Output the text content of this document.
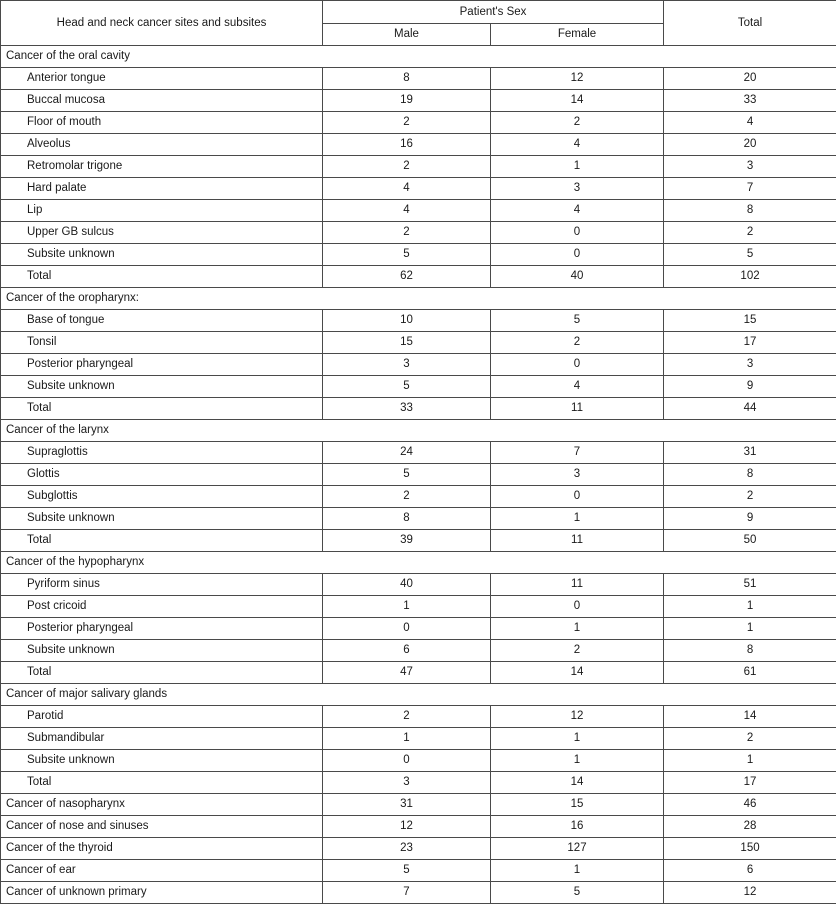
Head and neck cancer sites and subsites	Patient's Sex		Total
	Male	Female	
Cancer of the oral cavity			
Anterior tongue	8	12	20
Buccal mucosa	19	14	33
Floor of mouth	2	2	4
Alveolus	16	4	20
Retromolar trigone	2	1	3
Hard palate	4	3	7
Lip	4	4	8
Upper GB sulcus	2	0	2
Subsite unknown	5	0	5
Total	62	40	102
Cancer of the oropharynx:			
Base of tongue	10	5	15
Tonsil	15	2	17
Posterior pharyngeal	3	0	3
Subsite unknown	5	4	9
Total	33	11	44
Cancer of the larynx			
Supraglottis	24	7	31
Glottis	5	3	8
Subglottis	2	0	2
Subsite unknown	8	1	9
Total	39	11	50
Cancer of the hypopharynx			
Pyriform sinus	40	11	51
Post cricoid	1	0	1
Posterior pharyngeal	0	1	1
Subsite unknown	6	2	8
Total	47	14	61
Cancer of major salivary glands			
Parotid	2	12	14
Submandibular	1	1	2
Subsite unknown	0	1	1
Total	3	14	17
Cancer of nasopharynx	31	15	46
Cancer of nose and sinuses	12	16	28
Cancer of the thyroid	23	127	150
Cancer of ear	5	1	6
Cancer of unknown primary	7	5	12
